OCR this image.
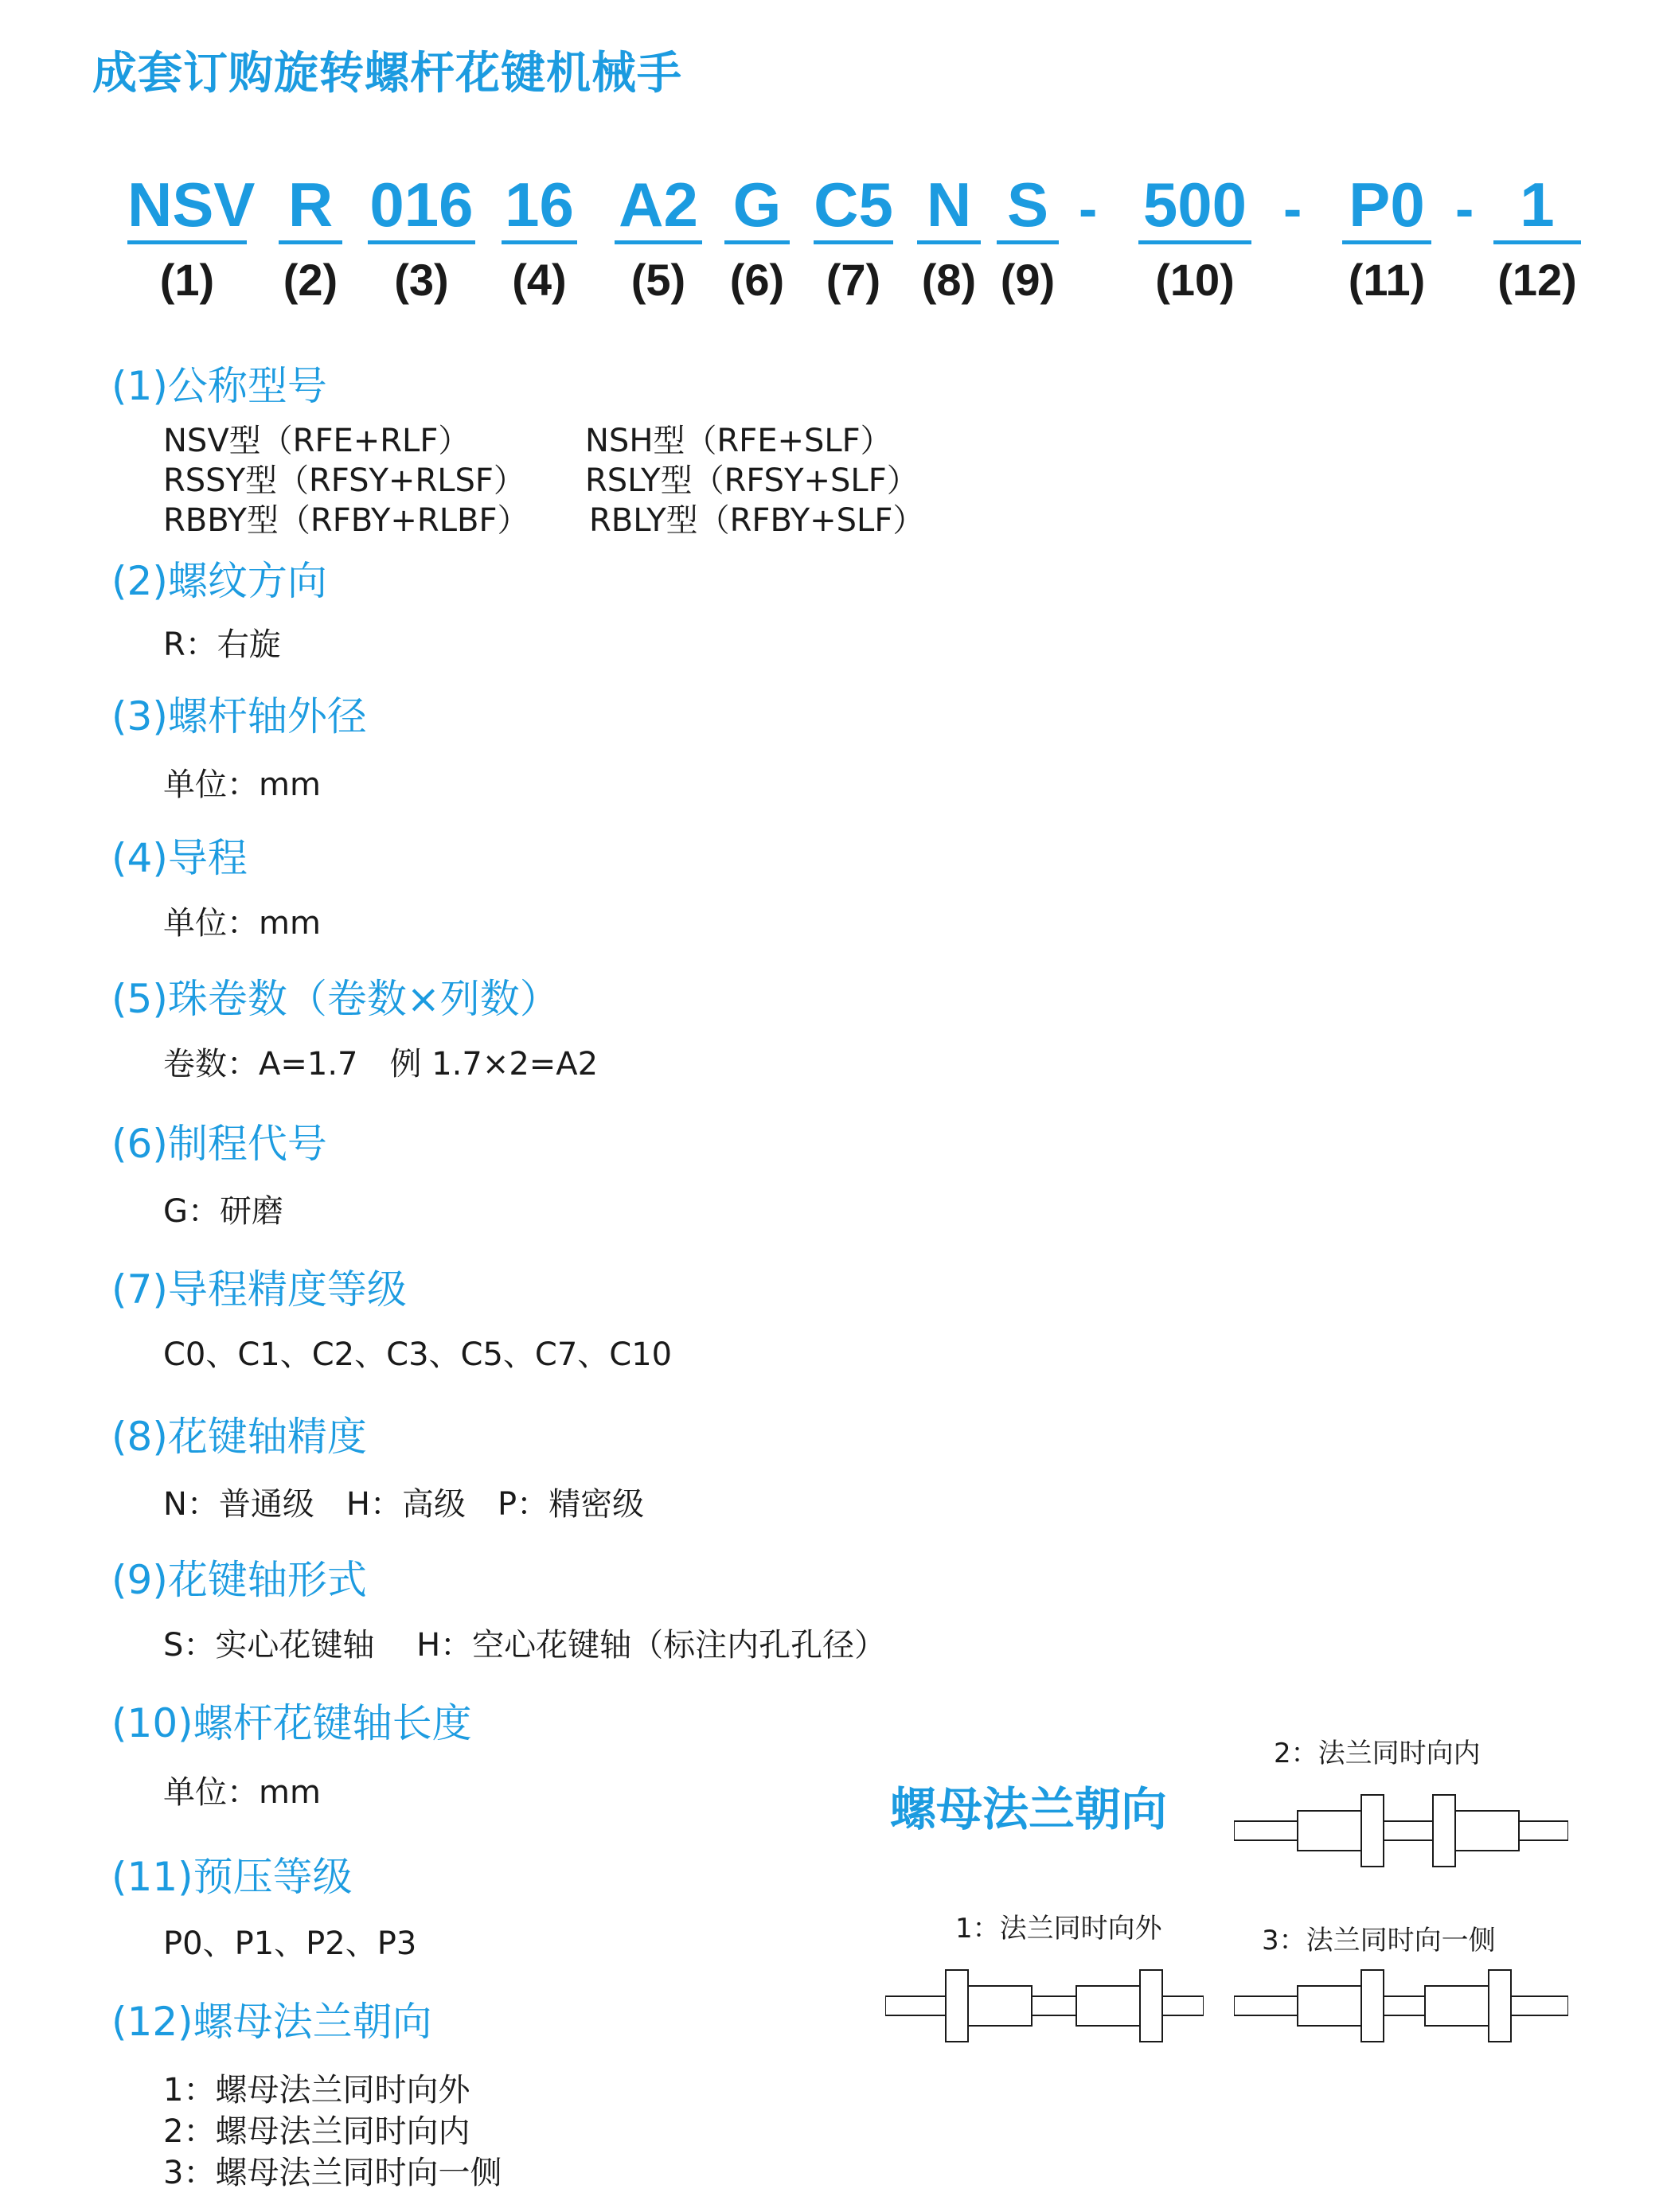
成套订购旋转螺杆花键机械手
NSV
(1)
R
(2)
016
(3)
16
(4)
A2
(5)
G
(6)
C5
(7)
N
(8)
S
(9)
- 500
(10)
- P0
(11)
- 1
(12)
(1)公称型号
NSV型（RFE+RLF）	NSH型（RFE+SLF）
RSSY型（RFSY+RLSF） RSLY型（RFSY+SLF）
RBBY型（RFBY+RLBF） RBLY型（RFBY+SLF）
(2)螺纹方向
R：右旋
(3)螺杆轴外径
单位：mm
(4)导程
单位：mm
(5)珠卷数（卷数×列数）
卷数：A=1.7　例 1.7×2=A2
(6)制程代号
G：研磨
(7)导程精度等级
C0、C1、C2、C3、C5、C7、C10
(8)花键轴精度
N：普通级　H：高级　P：精密级
(9)花键轴形式
S：实心花键轴　 H：空心花键轴（标注内孔孔径）
(10)螺杆花键轴长度
单位：mm
(11)预压等级
P0、P1、P2、P3
(12)螺母法兰朝向
1：螺母法兰同时向外
2：螺母法兰同时向内
3：螺母法兰同时向一侧
螺母法兰朝向
2：法兰同时向内
1：法兰同时向外	3：法兰同时向一侧
